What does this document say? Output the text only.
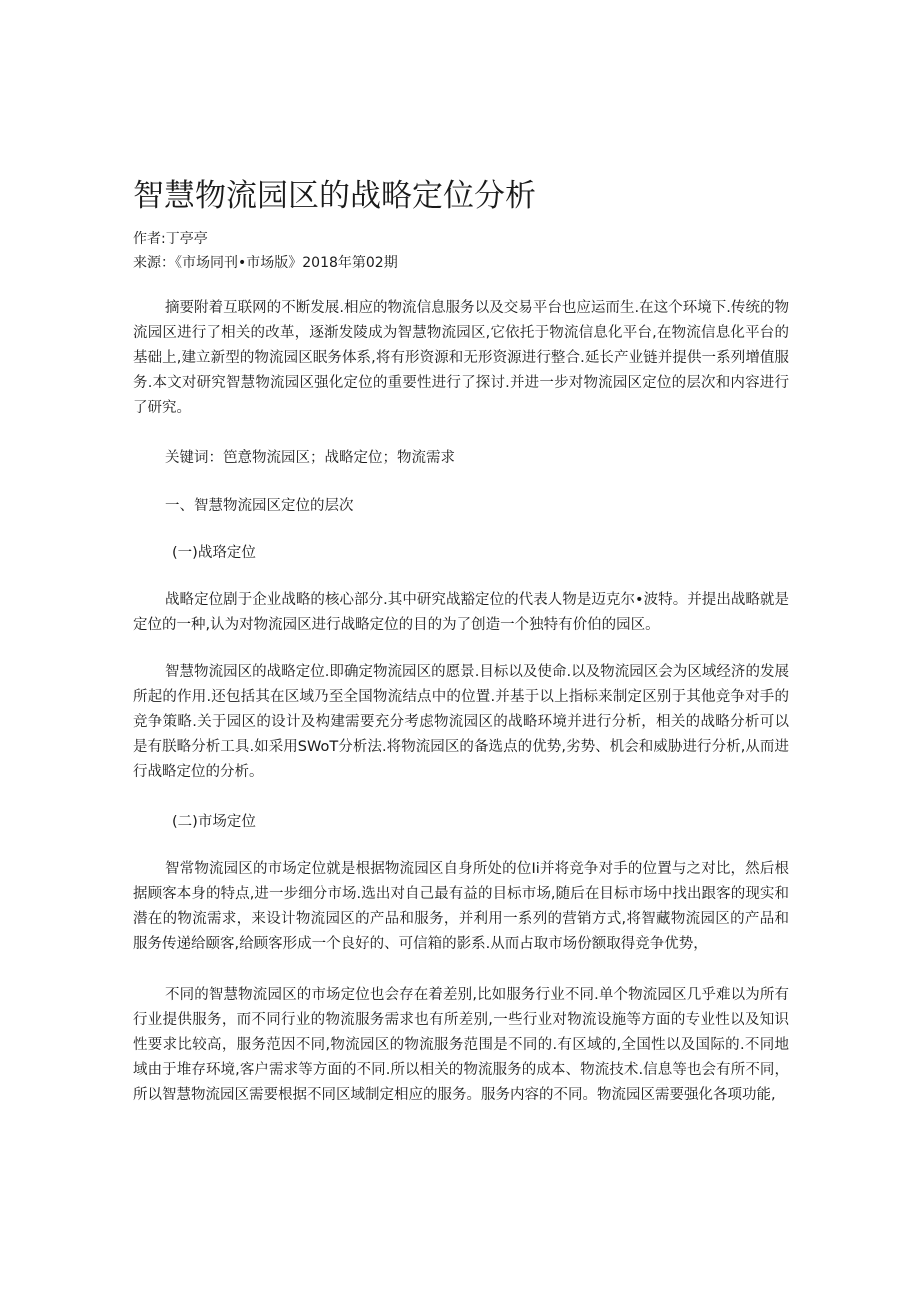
智慧物流园区的战略定位分析

作者:丁亭亭

来源：《市场同刊•市场版》2018年第02期

摘要附着互联网的不断发展.相应的物流信息服务以及交易平台也应运而生.在这个环境下.传统的物流园区进行了相关的改革，逐渐发陵成为智慧物流园区,它依托于物流信息化平台,在物流信息化平台的基础上,建立新型的物流园区眠务体系,将有形资源和无形资源进行整合.延长产业链并提供一系列增值服务.本文对研究智慧物流园区强化定位的重要性进行了探讨.并进一步对物流园区定位的层次和内容进行了研究。

关键词：笆意物流园区；战略定位；物流需求

一、智慧物流园区定位的层次

(一)战珞定位

战略定位剧于企业战略的核心部分.其中研究战豁定位的代表人物是迈克尔•波特。并提出战略就是定位的一种,认为对物流园区进行战略定位的目的为了创造一个独特有价伯的园区。

智慧物流园区的战略定位.即确定物流园区的愿景.目标以及使命.以及物流园区会为区域经济的发展所起的作用.还包括其在区域乃至全国物流结点中的位置.并基于以上指标来制定区别于其他竞争对手的竞争策略.关于园区的设计及构建需要充分考虑物流园区的战略环境并进行分析，相关的战略分析可以是有朕略分析工具.如采用SWoT分析法.将物流园区的备选点的优势,劣势、机会和威胁进行分析,从而进行战略定位的分析。

(二)市场定位

智常物流园区的市场定位就是根据物流园区自身所处的位Ii并将竞争对手的位置与之对比，然后根据顾客本身的特点,进一步细分市场.选出对自己最有益的目标市场,随后在目标市场中找出跟客的现实和潜在的物流需求，来设计物流园区的产品和服务，并利用一系列的营销方式,将智藏物流园区的产品和服务传递给颐客,给顾客形成一个良好的、可信箱的影系.从而占取市场份额取得竞争优势，

不同的智慧物流园区的市场定位也会存在着差别,比如服务行业不同.单个物流园区几乎难以为所有行业提供服务，而不同行业的物流服务需求也有所差别,一些行业对物流设施等方面的专业性以及知识性要求比较高，服务范因不同,物流园区的物流服务范围是不同的.有区域的,全国性以及国际的.不同地域由于堆存环境,客户需求等方面的不同.所以相关的物流服务的成本、物流技术.信息等也会有所不同，所以智慧物流园区需要根据不同区域制定相应的服务。服务内容的不同。物流园区需要强化各项功能,
